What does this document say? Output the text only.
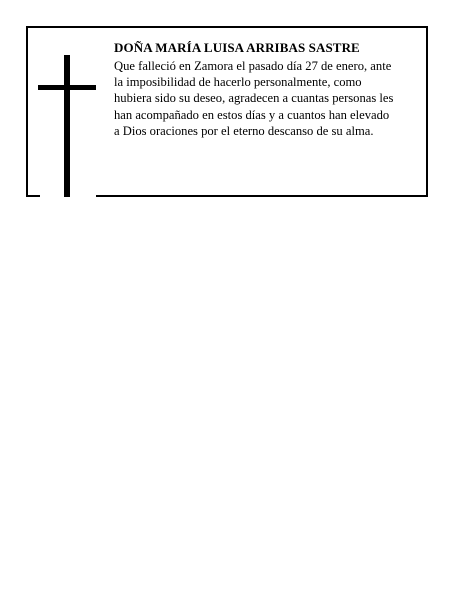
DOÑA MARÍA LUISA ARRIBAS SASTRE

Que falleció en Zamora el pasado día 27 de enero, ante
la imposibilidad de hacerlo personalmente, como
hubiera sido su deseo, agradecen a cuantas personas les
han acompañado en estos días y a cuantos han elevado
a Dios oraciones por el eterno descanso de su alma.
